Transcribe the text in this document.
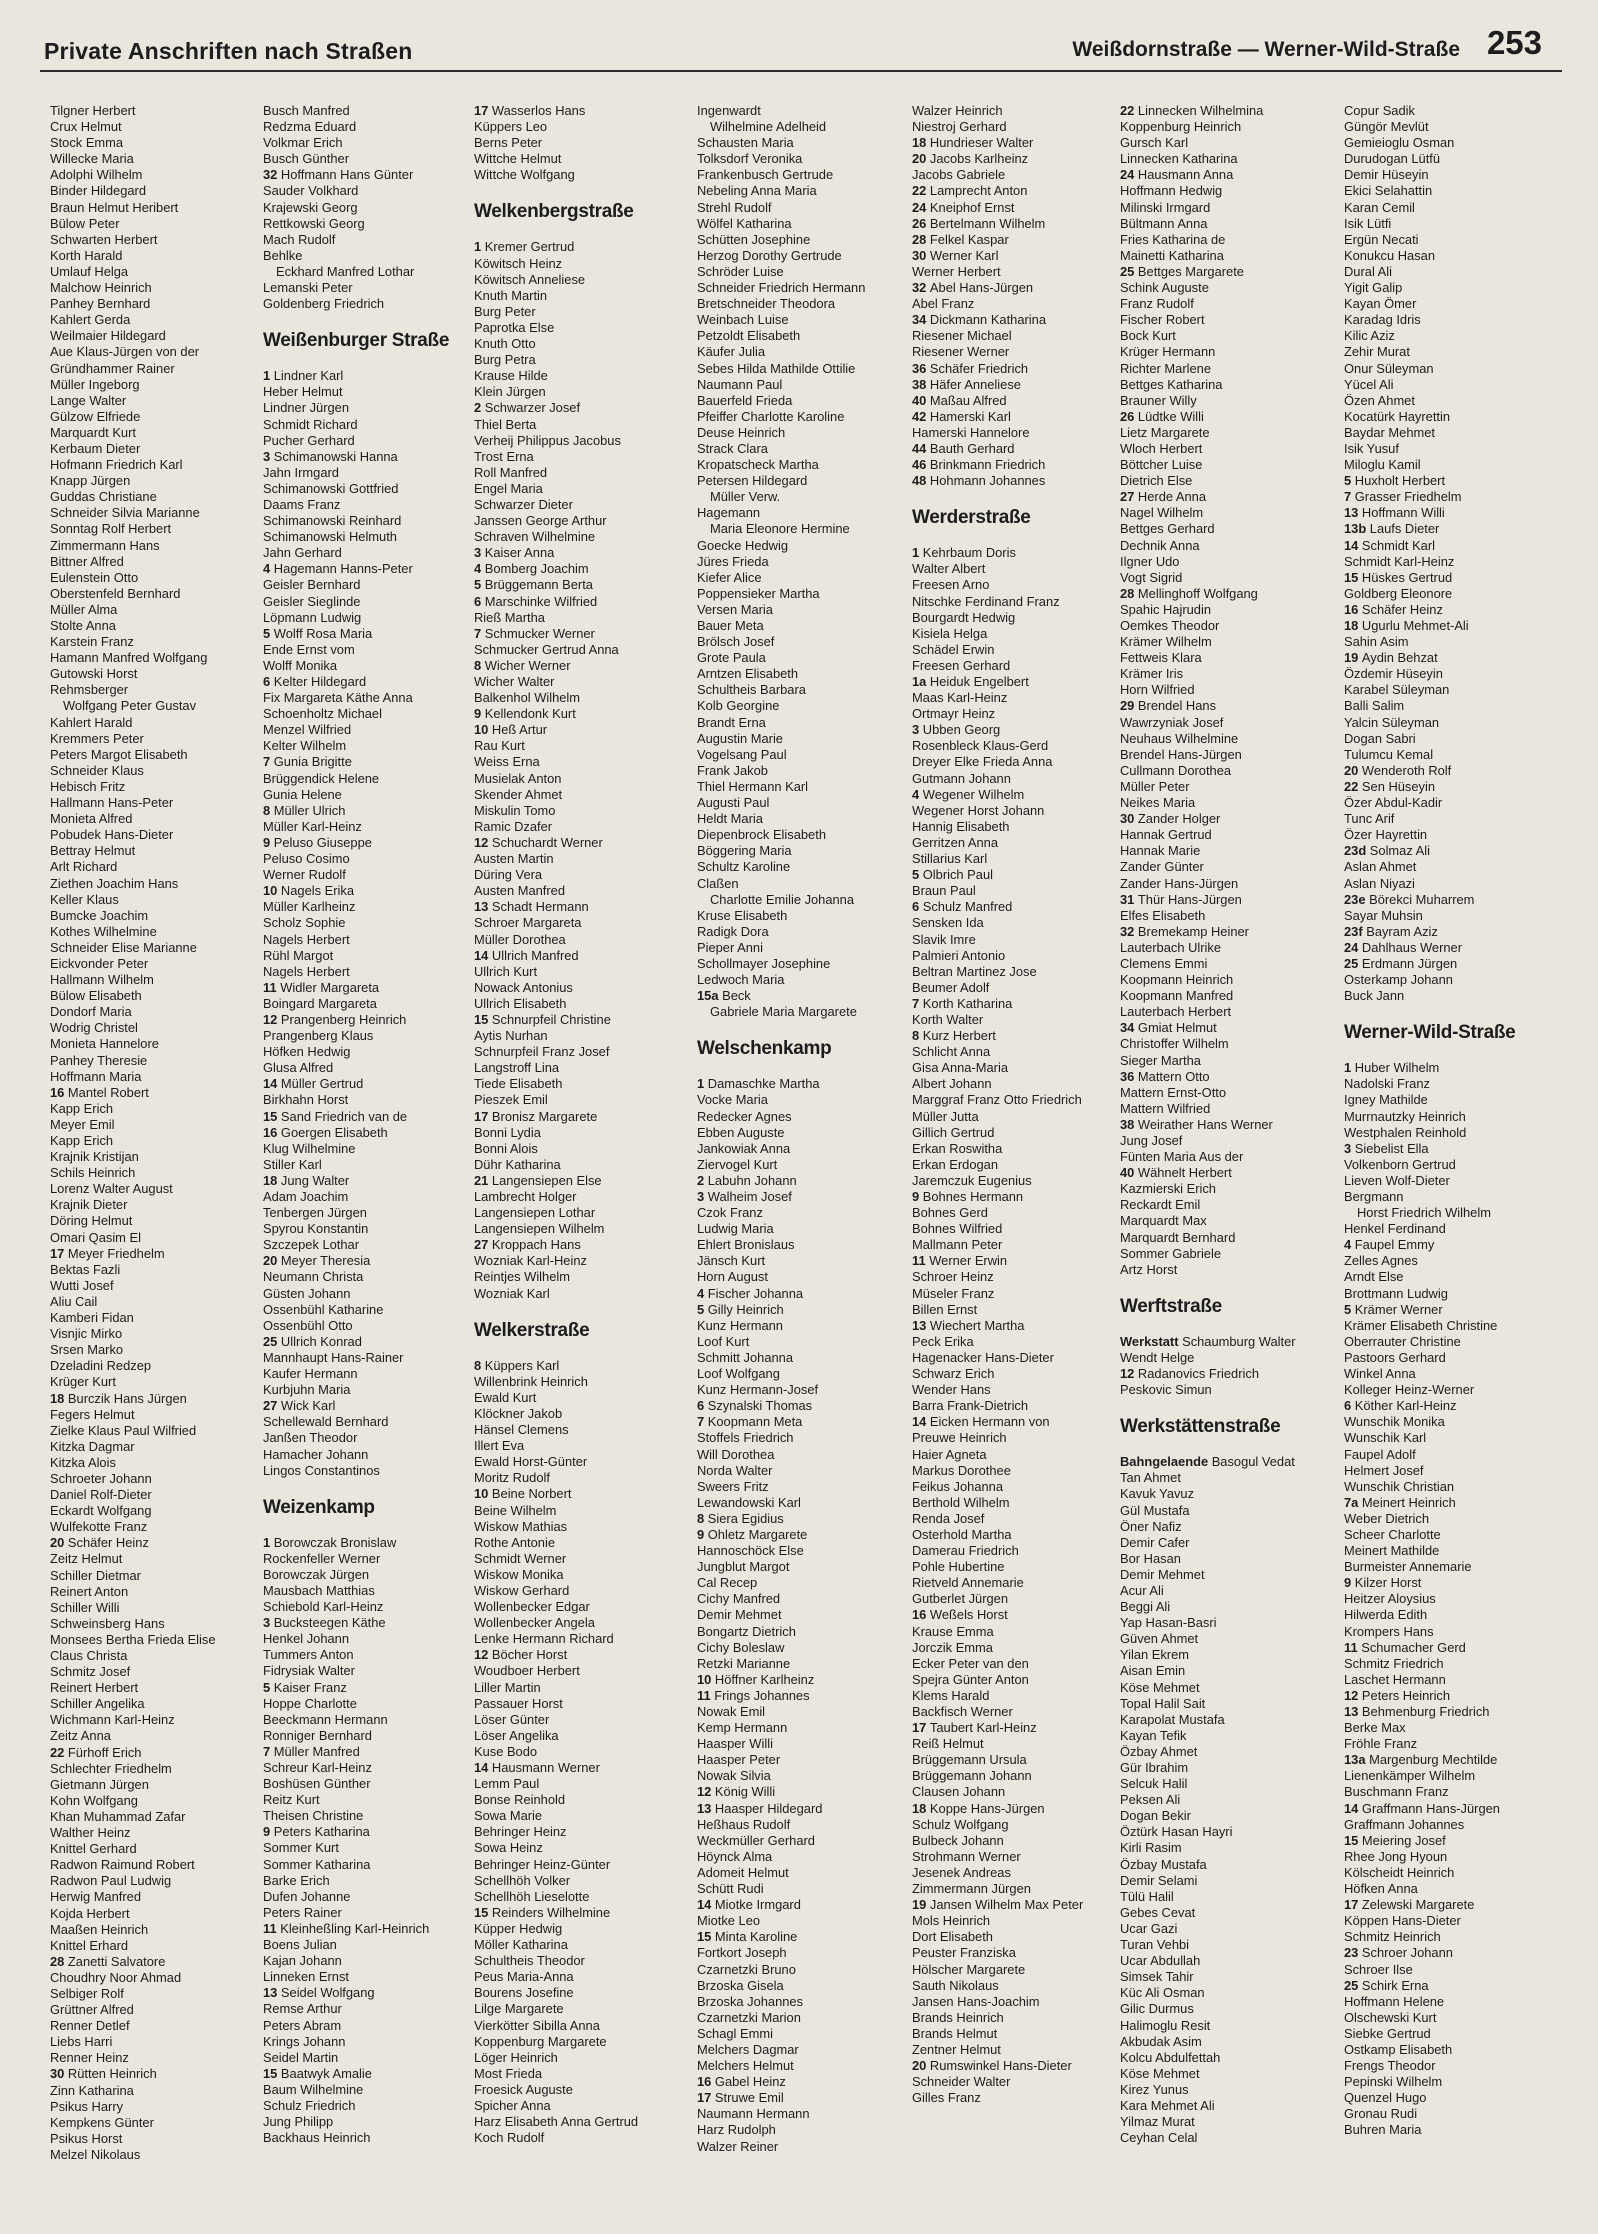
Private Anschriften nach Straßen	Weißdornstraße — Werner-Wild-Straße 253
Tilgner Herbert
Crux Helmut
Stock Emma
Willecke Maria
Adolphi Wilhelm
Binder Hildegard
Braun Helmut Heribert
Bülow Peter
Schwarten Herbert
Korth Harald
Umlauf Helga
Malchow Heinrich
Panhey Bernhard
Kahlert Gerda
Weilmaier Hildegard
Aue Klaus-Jürgen von der
Gründhammer Rainer
Müller Ingeborg
Lange Walter
Gülzow Elfriede
Marquardt Kurt
Kerbaum Dieter
Hofmann Friedrich Karl
Knapp Jürgen
Guddas Christiane
Schneider Silvia Marianne
Sonntag Rolf Herbert
Zimmermann Hans
Bittner Alfred
Eulenstein Otto
Oberstenfeld Bernhard
Müller Alma
Stolte Anna
Karstein Franz
Hamann Manfred Wolfgang
Gutowski Horst
Rehmsberger
Wolfgang Peter Gustav
Kahlert Harald
Kremmers Peter
Peters Margot Elisabeth
Schneider Klaus
Hebisch Fritz
Hallmann Hans-Peter
Monieta Alfred
Pobudek Hans-Dieter
Bettray Helmut
Arlt Richard
Ziethen Joachim Hans
Keller Klaus
Bumcke Joachim
Kothes Wilhelmine
Schneider Elise Marianne
Eickvonder Peter
Hallmann Wilhelm
Bülow Elisabeth
Dondorf Maria
Wodrig Christel
Monieta Hannelore
Panhey Theresie
Hoffmann Maria
16 Mantel Robert
Kapp Erich
Meyer Emil
Kapp Erich
Krajnik Kristijan
Schils Heinrich
Lorenz Walter August
Krajnik Dieter
Döring Helmut
Omari Qasim El
17 Meyer Friedhelm
Bektas Fazli
Wutti Josef
Aliu Cail
Kamberi Fidan
Visnjic Mirko
Srsen Marko
Dzeladini Redzep
Krüger Kurt
18 Burczik Hans Jürgen
Fegers Helmut
Zielke Klaus Paul Wilfried
Kitzka Dagmar
Kitzka Alois
Schroeter Johann
Daniel Rolf-Dieter
Eckardt Wolfgang
Wulfekotte Franz
20 Schäfer Heinz
Zeitz Helmut
Schiller Dietmar
Reinert Anton
Schiller Willi
Schweinsberg Hans
Monsees Bertha Frieda Elise
Claus Christa
Schmitz Josef
Reinert Herbert
Schiller Angelika
Wichmann Karl-Heinz
Zeitz Anna
22 Fürhoff Erich
Schlechter Friedhelm
Gietmann Jürgen
Kohn Wolfgang
Khan Muhammad Zafar
Walther Heinz
Knittel Gerhard
Radwon Raimund Robert
Radwon Paul Ludwig
Herwig Manfred
Kojda Herbert
Maaßen Heinrich
Knittel Erhard
28 Zanetti Salvatore
Choudhry Noor Ahmad
Selbiger Rolf
Grüttner Alfred
Renner Detlef
Liebs Harri
Renner Heinz
30 Rütten Heinrich
Zinn Katharina
Psikus Harry
Kempkens Günter
Psikus Horst
Melzel Nikolaus
Busch Manfred
Redzma Eduard
Volkmar Erich
Busch Günther
32 Hoffmann Hans Günter
Sauder Volkhard
Krajewski Georg
Rettkowski Georg
Mach Rudolf
Behlke
Eckhard Manfred Lothar
Lemanski Peter
Goldenberg Friedrich
Weißenburger Straße
1 Lindner Karl
Heber Helmut
Lindner Jürgen
Schmidt Richard
Pucher Gerhard
3 Schimanowski Hanna
Jahn Irmgard
Schimanowski Gottfried
Daams Franz
Schimanowski Reinhard
Schimanowski Helmuth
Jahn Gerhard
4 Hagemann Hanns-Peter
Geisler Bernhard
Geisler Sieglinde
Löpmann Ludwig
5 Wolff Rosa Maria
Ende Ernst vom
Wolff Monika
6 Kelter Hildegard
Fix Margareta Käthe Anna
Schoenholtz Michael
Menzel Wilfried
Kelter Wilhelm
7 Gunia Brigitte
Brüggendick Helene
Gunia Helene
8 Müller Ulrich
Müller Karl-Heinz
9 Peluso Giuseppe
Peluso Cosimo
Werner Rudolf
10 Nagels Erika
Müller Karlheinz
Scholz Sophie
Nagels Herbert
Rühl Margot
Nagels Herbert
11 Widler Margareta
Boingard Margareta
12 Prangenberg Heinrich
Prangenberg Klaus
Höfken Hedwig
Glusa Alfred
14 Müller Gertrud
Birkhahn Horst
15 Sand Friedrich van de
16 Goergen Elisabeth
Klug Wilhelmine
Stiller Karl
18 Jung Walter
Adam Joachim
Tenbergen Jürgen
Spyrou Konstantin
Szczepek Lothar
20 Meyer Theresia
Neumann Christa
Güsten Johann
Ossenbühl Katharine
Ossenbühl Otto
25 Ullrich Konrad
Mannhaupt Hans-Rainer
Kaufer Hermann
Kurbjuhn Maria
27 Wick Karl
Schellewald Bernhard
Janßen Theodor
Hamacher Johann
Lingos Constantinos
Weizenkamp
1 Borowczak Bronislaw
Rockenfeller Werner
Borowczak Jürgen
Mausbach Matthias
Schiebold Karl-Heinz
3 Bucksteegen Käthe
Henkel Johann
Tummers Anton
Fidrysiak Walter
5 Kaiser Franz
Hoppe Charlotte
Beeckmann Hermann
Ronniger Bernhard
7 Müller Manfred
Schreur Karl-Heinz
Boshüsen Günther
Reitz Kurt
Theisen Christine
9 Peters Katharina
Sommer Kurt
Sommer Katharina
Barke Erich
Dufen Johanne
Peters Rainer
11 Kleinheßling Karl-Heinrich
Boens Julian
Kajan Johann
Linneken Ernst
13 Seidel Wolfgang
Remse Arthur
Peters Abram
Krings Johann
Seidel Martin
15 Baatwyk Amalie
Baum Wilhelmine
Schulz Friedrich
Jung Philipp
Backhaus Heinrich
17 Wasserlos Hans
Küppers Leo
Berns Peter
Wittche Helmut
Wittche Wolfgang
Welkenbergstraße
1 Kremer Gertrud
Köwitsch Heinz
Köwitsch Anneliese
Knuth Martin
Burg Peter
Paprotka Else
Knuth Otto
Burg Petra
Krause Hilde
Klein Jürgen
2 Schwarzer Josef
Thiel Berta
Verheij Philippus Jacobus
Trost Erna
Roll Manfred
Engel Maria
Schwarzer Dieter
Janssen George Arthur
Schraven Wilhelmine
3 Kaiser Anna
4 Bomberg Joachim
5 Brüggemann Berta
6 Marschinke Wilfried
Rieß Martha
7 Schmucker Werner
Schmucker Gertrud Anna
8 Wicher Werner
Wicher Walter
Balkenhol Wilhelm
9 Kellendonk Kurt
10 Heß Artur
Rau Kurt
Weiss Erna
Musielak Anton
Skender Ahmet
Miskulin Tomo
Ramic Dzafer
12 Schuchardt Werner
Austen Martin
Düring Vera
Austen Manfred
13 Schadt Hermann
Schroer Margareta
Müller Dorothea
14 Ullrich Manfred
Ullrich Kurt
Nowack Antonius
Ullrich Elisabeth
15 Schnurpfeil Christine
Aytis Nurhan
Schnurpfeil Franz Josef
Langstroff Lina
Tiede Elisabeth
Pieszek Emil
17 Bronisz Margarete
Bonni Lydia
Bonni Alois
Dühr Katharina
21 Langensiepen Else
Lambrecht Holger
Langensiepen Lothar
Langensiepen Wilhelm
27 Kroppach Hans
Wozniak Karl-Heinz
Reintjes Wilhelm
Wozniak Karl
Welkerstraße
8 Küppers Karl
Willenbrink Heinrich
Ewald Kurt
Klöckner Jakob
Hänsel Clemens
Illert Eva
Ewald Horst-Günter
Moritz Rudolf
10 Beine Norbert
Beine Wilhelm
Wiskow Mathias
Rothe Antonie
Schmidt Werner
Wiskow Monika
Wiskow Gerhard
Wollenbecker Edgar
Wollenbecker Angela
Lenke Hermann Richard
12 Böcher Horst
Woudboer Herbert
Liller Martin
Passauer Horst
Löser Günter
Löser Angelika
Kuse Bodo
14 Hausmann Werner
Lemm Paul
Bonse Reinhold
Sowa Marie
Behringer Heinz
Sowa Heinz
Behringer Heinz-Günter
Schellhöh Volker
Schellhöh Lieselotte
15 Reinders Wilhelmine
Küpper Hedwig
Möller Katharina
Schultheis Theodor
Peus Maria-Anna
Bourens Josefine
Lilge Margarete
Vierkötter Sibilla Anna
Koppenburg Margarete
Löger Heinrich
Most Frieda
Froesick Auguste
Spicher Anna
Harz Elisabeth Anna Gertrud
Koch Rudolf
Ingenwardt
Wilhelmine Adelheid
Schausten Maria
Tolksdorf Veronika
Frankenbusch Gertrude
Nebeling Anna Maria
Strehl Rudolf
Wölfel Katharina
Schütten Josephine
Herzog Dorothy Gertrude
Schröder Luise
Schneider Friedrich Hermann
Bretschneider Theodora
Weinbach Luise
Petzoldt Elisabeth
Käufer Julia
Sebes Hilda Mathilde Ottilie
Naumann Paul
Bauerfeld Frieda
Pfeiffer Charlotte Karoline
Deuse Heinrich
Strack Clara
Kropatscheck Martha
Petersen Hildegard
Müller Verw.
Hagemann
Maria Eleonore Hermine
Goecke Hedwig
Jüres Frieda
Kiefer Alice
Poppensieker Martha
Versen Maria
Bauer Meta
Brölsch Josef
Grote Paula
Arntzen Elisabeth
Schultheis Barbara
Kolb Georgine
Brandt Erna
Augustin Marie
Vogelsang Paul
Frank Jakob
Thiel Hermann Karl
Augusti Paul
Heldt Maria
Diepenbrock Elisabeth
Böggering Maria
Schultz Karoline
Claßen
Charlotte Emilie Johanna
Kruse Elisabeth
Radigk Dora
Pieper Anni
Schollmayer Josephine
Ledwoch Maria
15a Beck
Gabriele Maria Margarete
Welschenkamp
1 Damaschke Martha
Vocke Maria
Redecker Agnes
Ebben Auguste
Jankowiak Anna
Ziervogel Kurt
2 Labuhn Johann
3 Walheim Josef
Czok Franz
Ludwig Maria
Ehlert Bronislaus
Jänsch Kurt
Horn August
4 Fischer Johanna
5 Gilly Heinrich
Kunz Hermann
Loof Kurt
Schmitt Johanna
Loof Wolfgang
Kunz Hermann-Josef
6 Szynalski Thomas
7 Koopmann Meta
Stoffels Friedrich
Will Dorothea
Norda Walter
Sweers Fritz
Lewandowski Karl
8 Siera Egidius
9 Ohletz Margarete
Hannoschöck Else
Jungblut Margot
Cal Recep
Cichy Manfred
Demir Mehmet
Bongartz Dietrich
Cichy Boleslaw
Retzki Marianne
10 Höffner Karlheinz
11 Frings Johannes
Nowak Emil
Kemp Hermann
Haasper Willi
Haasper Peter
Nowak Silvia
12 König Willi
13 Haasper Hildegard
Heßhaus Rudolf
Weckmüller Gerhard
Höynck Alma
Adomeit Helmut
Schütt Rudi
14 Miotke Irmgard
Miotke Leo
15 Minta Karoline
Fortkort Joseph
Czarnetzki Bruno
Brzoska Gisela
Brzoska Johannes
Czarnetzki Marion
Schagl Emmi
Melchers Dagmar
Melchers Helmut
16 Gabel Heinz
17 Struwe Emil
Naumann Hermann
Harz Rudolph
Walzer Reiner
Walzer Heinrich
Niestroj Gerhard
18 Hundrieser Walter
20 Jacobs Karlheinz
Jacobs Gabriele
22 Lamprecht Anton
24 Kneiphof Ernst
26 Bertelmann Wilhelm
28 Felkel Kaspar
30 Werner Karl
Werner Herbert
32 Abel Hans-Jürgen
Abel Franz
34 Dickmann Katharina
Riesener Michael
Riesener Werner
36 Schäfer Friedrich
38 Häfer Anneliese
40 Maßau Alfred
42 Hamerski Karl
Hamerski Hannelore
44 Bauth Gerhard
46 Brinkmann Friedrich
48 Hohmann Johannes
Werderstraße
1 Kehrbaum Doris
Walter Albert
Freesen Arno
Nitschke Ferdinand Franz
Bourgardt Hedwig
Kisiela Helga
Schädel Erwin
Freesen Gerhard
1a Heiduk Engelbert
Maas Karl-Heinz
Ortmayr Heinz
3 Ubben Georg
Rosenbleck Klaus-Gerd
Dreyer Elke Frieda Anna
Gutmann Johann
4 Wegener Wilhelm
Wegener Horst Johann
Hannig Elisabeth
Gerritzen Anna
Stillarius Karl
5 Olbrich Paul
Braun Paul
6 Schulz Manfred
Sensken Ida
Slavik Imre
Palmieri Antonio
Beltran Martinez Jose
Beumer Adolf
7 Korth Katharina
Korth Walter
8 Kurz Herbert
Schlicht Anna
Gisa Anna-Maria
Albert Johann
Marggraf Franz Otto Friedrich
Müller Jutta
Gillich Gertrud
Erkan Roswitha
Erkan Erdogan
Jaremczuk Eugenius
9 Bohnes Hermann
Bohnes Gerd
Bohnes Wilfried
Mallmann Peter
11 Werner Erwin
Schroer Heinz
Müseler Franz
Billen Ernst
13 Wiechert Martha
Peck Erika
Hagenacker Hans-Dieter
Schwarz Erich
Wender Hans
Barra Frank-Dietrich
14 Eicken Hermann von
Preuwe Heinrich
Haier Agneta
Markus Dorothee
Feikus Johanna
Berthold Wilhelm
Renda Josef
Osterhold Martha
Damerau Friedrich
Pohle Hubertine
Rietveld Annemarie
Gutberlet Jürgen
16 Weßels Horst
Krause Emma
Jorczik Emma
Ecker Peter van den
Spejra Günter Anton
Klems Harald
Backfisch Werner
17 Taubert Karl-Heinz
Reiß Helmut
Brüggemann Ursula
Brüggemann Johann
Clausen Johann
18 Koppe Hans-Jürgen
Schulz Wolfgang
Bulbeck Johann
Strohmann Werner
Jesenek Andreas
Zimmermann Jürgen
19 Jansen Wilhelm Max Peter
Mols Heinrich
Dort Elisabeth
Peuster Franziska
Hölscher Margarete
Sauth Nikolaus
Jansen Hans-Joachim
Brands Heinrich
Brands Helmut
Zentner Helmut
20 Rumswinkel Hans-Dieter
Schneider Walter
Gilles Franz
22 Linnecken Wilhelmina
Koppenburg Heinrich
Gursch Karl
Linnecken Katharina
24 Hausmann Anna
Hoffmann Hedwig
Milinski Irmgard
Bültmann Anna
Fries Katharina de
Mainetti Katharina
25 Bettges Margarete
Schink Auguste
Franz Rudolf
Fischer Robert
Bock Kurt
Krüger Hermann
Richter Marlene
Bettges Katharina
Brauner Willy
26 Lüdtke Willi
Lietz Margarete
Wloch Herbert
Böttcher Luise
Dietrich Else
27 Herde Anna
Nagel Wilhelm
Bettges Gerhard
Dechnik Anna
Ilgner Udo
Vogt Sigrid
28 Mellinghoff Wolfgang
Spahic Hajrudin
Oemkes Theodor
Krämer Wilhelm
Fettweis Klara
Krämer Iris
Horn Wilfried
29 Brendel Hans
Wawrzyniak Josef
Neuhaus Wilhelmine
Brendel Hans-Jürgen
Cullmann Dorothea
Müller Peter
Neikes Maria
30 Zander Holger
Hannak Gertrud
Hannak Marie
Zander Günter
Zander Hans-Jürgen
31 Thür Hans-Jürgen
Elfes Elisabeth
32 Bremekamp Heiner
Lauterbach Ulrike
Clemens Emmi
Koopmann Heinrich
Koopmann Manfred
Lauterbach Herbert
34 Gmiat Helmut
Christoffer Wilhelm
Sieger Martha
36 Mattern Otto
Mattern Ernst-Otto
Mattern Wilfried
38 Weirather Hans Werner
Jung Josef
Fünten Maria Aus der
40 Wähnelt Herbert
Kazmierski Erich
Reckardt Emil
Marquardt Max
Marquardt Bernhard
Sommer Gabriele
Artz Horst
Werftstraße
Werkstatt Schaumburg Walter
Wendt Helge
12 Radanovics Friedrich
Peskovic Simun
Werkstättenstraße
Bahngelaende Basogul Vedat
Tan Ahmet
Kavuk Yavuz
Gül Mustafa
Öner Nafiz
Demir Cafer
Bor Hasan
Demir Mehmet
Acur Ali
Beggi Ali
Yap Hasan-Basri
Güven Ahmet
Yilan Ekrem
Aisan Emin
Köse Mehmet
Topal Halil Sait
Karapolat Mustafa
Kayan Tefik
Özbay Ahmet
Gür Ibrahim
Selcuk Halil
Peksen Ali
Dogan Bekir
Öztürk Hasan Hayri
Kirli Rasim
Özbay Mustafa
Demir Selami
Tülü Halil
Gebes Cevat
Ucar Gazi
Turan Vehbi
Ucar Abdullah
Simsek Tahir
Küc Ali Osman
Gilic Durmus
Halimoglu Resit
Akbudak Asim
Kolcu Abdulfettah
Köse Mehmet
Kirez Yunus
Kara Mehmet Ali
Yilmaz Murat
Ceyhan Celal
Copur Sadik
Güngör Mevlüt
Gemieioglu Osman
Durudogan Lütfü
Demir Hüseyin
Ekici Selahattin
Karan Cemil
Isik Lütfi
Ergün Necati
Konukcu Hasan
Dural Ali
Yigit Galip
Kayan Ömer
Karadag Idris
Kilic Aziz
Zehir Murat
Onur Süleyman
Yücel Ali
Özen Ahmet
Kocatürk Hayrettin
Baydar Mehmet
Isik Yusuf
Miloglu Kamil
5 Huxholt Herbert
7 Grasser Friedhelm
13 Hoffmann Willi
13b Laufs Dieter
14 Schmidt Karl
Schmidt Karl-Heinz
15 Hüskes Gertrud
Goldberg Eleonore
16 Schäfer Heinz
18 Ugurlu Mehmet-Ali
Sahin Asim
19 Aydin Behzat
Özdemir Hüseyin
Karabel Süleyman
Balli Salim
Yalcin Süleyman
Dogan Sabri
Tulumcu Kemal
20 Wenderoth Rolf
22 Sen Hüseyin
Özer Abdul-Kadir
Tunc Arif
Özer Hayrettin
23d Solmaz Ali
Aslan Ahmet
Aslan Niyazi
23e Börekci Muharrem
Sayar Muhsin
23f Bayram Aziz
24 Dahlhaus Werner
25 Erdmann Jürgen
Osterkamp Johann
Buck Jann
Werner-Wild-Straße
1 Huber Wilhelm
Nadolski Franz
Igney Mathilde
Murrnautzky Heinrich
Westphalen Reinhold
3 Siebelist Ella
Volkenborn Gertrud
Lieven Wolf-Dieter
Bergmann
Horst Friedrich Wilhelm
Henkel Ferdinand
4 Faupel Emmy
Zelles Agnes
Arndt Else
Brottmann Ludwig
5 Krämer Werner
Krämer Elisabeth Christine
Oberrauter Christine
Pastoors Gerhard
Winkel Anna
Kolleger Heinz-Werner
6 Köther Karl-Heinz
Wunschik Monika
Wunschik Karl
Faupel Adolf
Helmert Josef
Wunschik Christian
7a Meinert Heinrich
Weber Dietrich
Scheer Charlotte
Meinert Mathilde
Burmeister Annemarie
9 Kilzer Horst
Heitzer Aloysius
Hilwerda Edith
Krompers Hans
11 Schumacher Gerd
Schmitz Friedrich
Laschet Hermann
12 Peters Heinrich
13 Behmenburg Friedrich
Berke Max
Fröhle Franz
13a Margenburg Mechtilde
Lienenkämper Wilhelm
Buschmann Franz
14 Graffmann Hans-Jürgen
Graffmann Johannes
15 Meiering Josef
Rhee Jong Hyoun
Kölscheidt Heinrich
Höfken Anna
17 Zelewski Margarete
Köppen Hans-Dieter
Schmitz Heinrich
23 Schroer Johann
Schroer Ilse
25 Schirk Erna
Hoffmann Helene
Olschewski Kurt
Siebke Gertrud
Ostkamp Elisabeth
Frengs Theodor
Pepinski Wilhelm
Quenzel Hugo
Gronau Rudi
Buhren Maria
